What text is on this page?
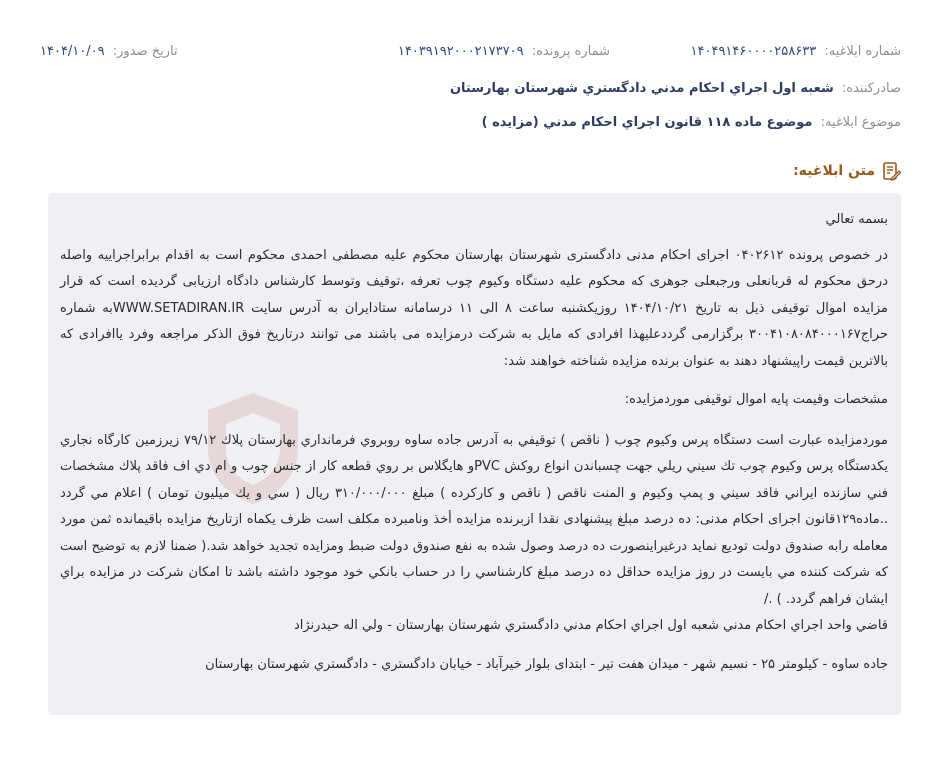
شماره ابلاغيه: ۱۴۰۴۹۱۴۶۰۰۰۰۲۵۸۶۳۳
شماره پرونده: ۱۴۰۳۹۱۹۲۰۰۰۲۱۷۳۷۰۹
تاريخ صدور: ۱۴۰۴/۱۰/۰۹
صادرکننده: شعبه اول اجراي احكام مدني دادگستري شهرستان بهارستان
موضوع ابلاغيه: موضوع ماده ۱۱۸ قانون اجراي احكام مدني (مزايده )
متن ابلاغيه:

بسمه تعالي

در خصوص پرونده ۰۴۰۲۶۱۲ اجرای احکام مدنی دادگستری شهرستان بهارستان محکوم علیه مصطفی احمدی محکوم است به اقدام برابراجراییه واصله درحق محکوم له قربانعلی ورجبعلی جوهری که محکوم علیه دستگاه وکیوم چوب تعرفه ،توقیف وتوسط کارشناس دادگاه ارزیابی گردیده است که قرار مزایده اموال توقیفی ذیل به تاریخ ۱۴۰۴/۱۰/۲۱ روزیکشنبه ساعت ۸ الی ۱۱ درسامانه ستادایران به آدرس سایت WWW.SETADIRAN.IRبه شماره حراج۱۶۷‏‏۳۰۰۴۱۰۸۰۸۴۰۰۰ برگزارمی گرددعلیهذا افرادی که مایل به شرکت درمزایده می باشند می توانند درتاریخ فوق الذکر مراجعه وفرد یاافرادی که بالاترین قیمت راپیشنهاد دهند به عنوان برنده مزایده شناخته خواهند شد:

مشخصات وقیمت پایه اموال توقیفی موردمزایده:

موردمزایده عبارت است دستگاه پرس وکیوم چوب ( ناقص ) توقیفي به آدرس جاده ساوه روبروي فرمانداري بهارستان پلاك ۷۹/۱۲ زیرزمین کارگاه نجاري یکدستگاه پرس وكیوم چوب تك سیني ريلي جهت چسباندن انواع روكش PVCو هايگلاس بر روي قطعه كار از جنس چوب و ام دي اف فاقد پلاك مشخصات فني سازنده ايراني فاقد سيني و پمپ وكيوم و المنت ناقص ( ناقص و كاركرده ) مبلغ ۳۱۰/۰۰۰/۰۰۰ ريال ( سي و يك ميليون تومان ) اعلام مي گردد ..ماده۱۲۹قانون اجرای احکام مدنی: ده درصد مبلغ پیشنهادی نقدا ازبرنده مزایده أخذ ونامبرده مکلف است ظرف یکماه ازتاریخ مزایده باقیمانده ثمن مورد معامله رابه صندوق دولت تودیع نماید درغیراینصورت ده درصد وصول شده به نفع صندوق دولت ضبط ومزایده تجدید خواهد شد.( ضمنا لازم به توضیح است كه شركت كننده مي بايست در روز مزايده حداقل ده درصد مبلغ كارشناسي را در حساب بانكي خود موجود داشته باشد تا امكان شركت در مزايده براي ايشان فراهم گردد. ) ./

قاضي واحد اجراي احكام مدني شعبه اول اجراي احكام مدني دادگستري شهرستان بهارستان - ولي اله حيدرنژاد

جاده ساوه - کیلومتر ۲۵ - نسیم شهر - میدان هفت تیر - ابتدای بلوار خیرآباد - خیابان دادگستري - دادگستري شهرستان بهارستان
